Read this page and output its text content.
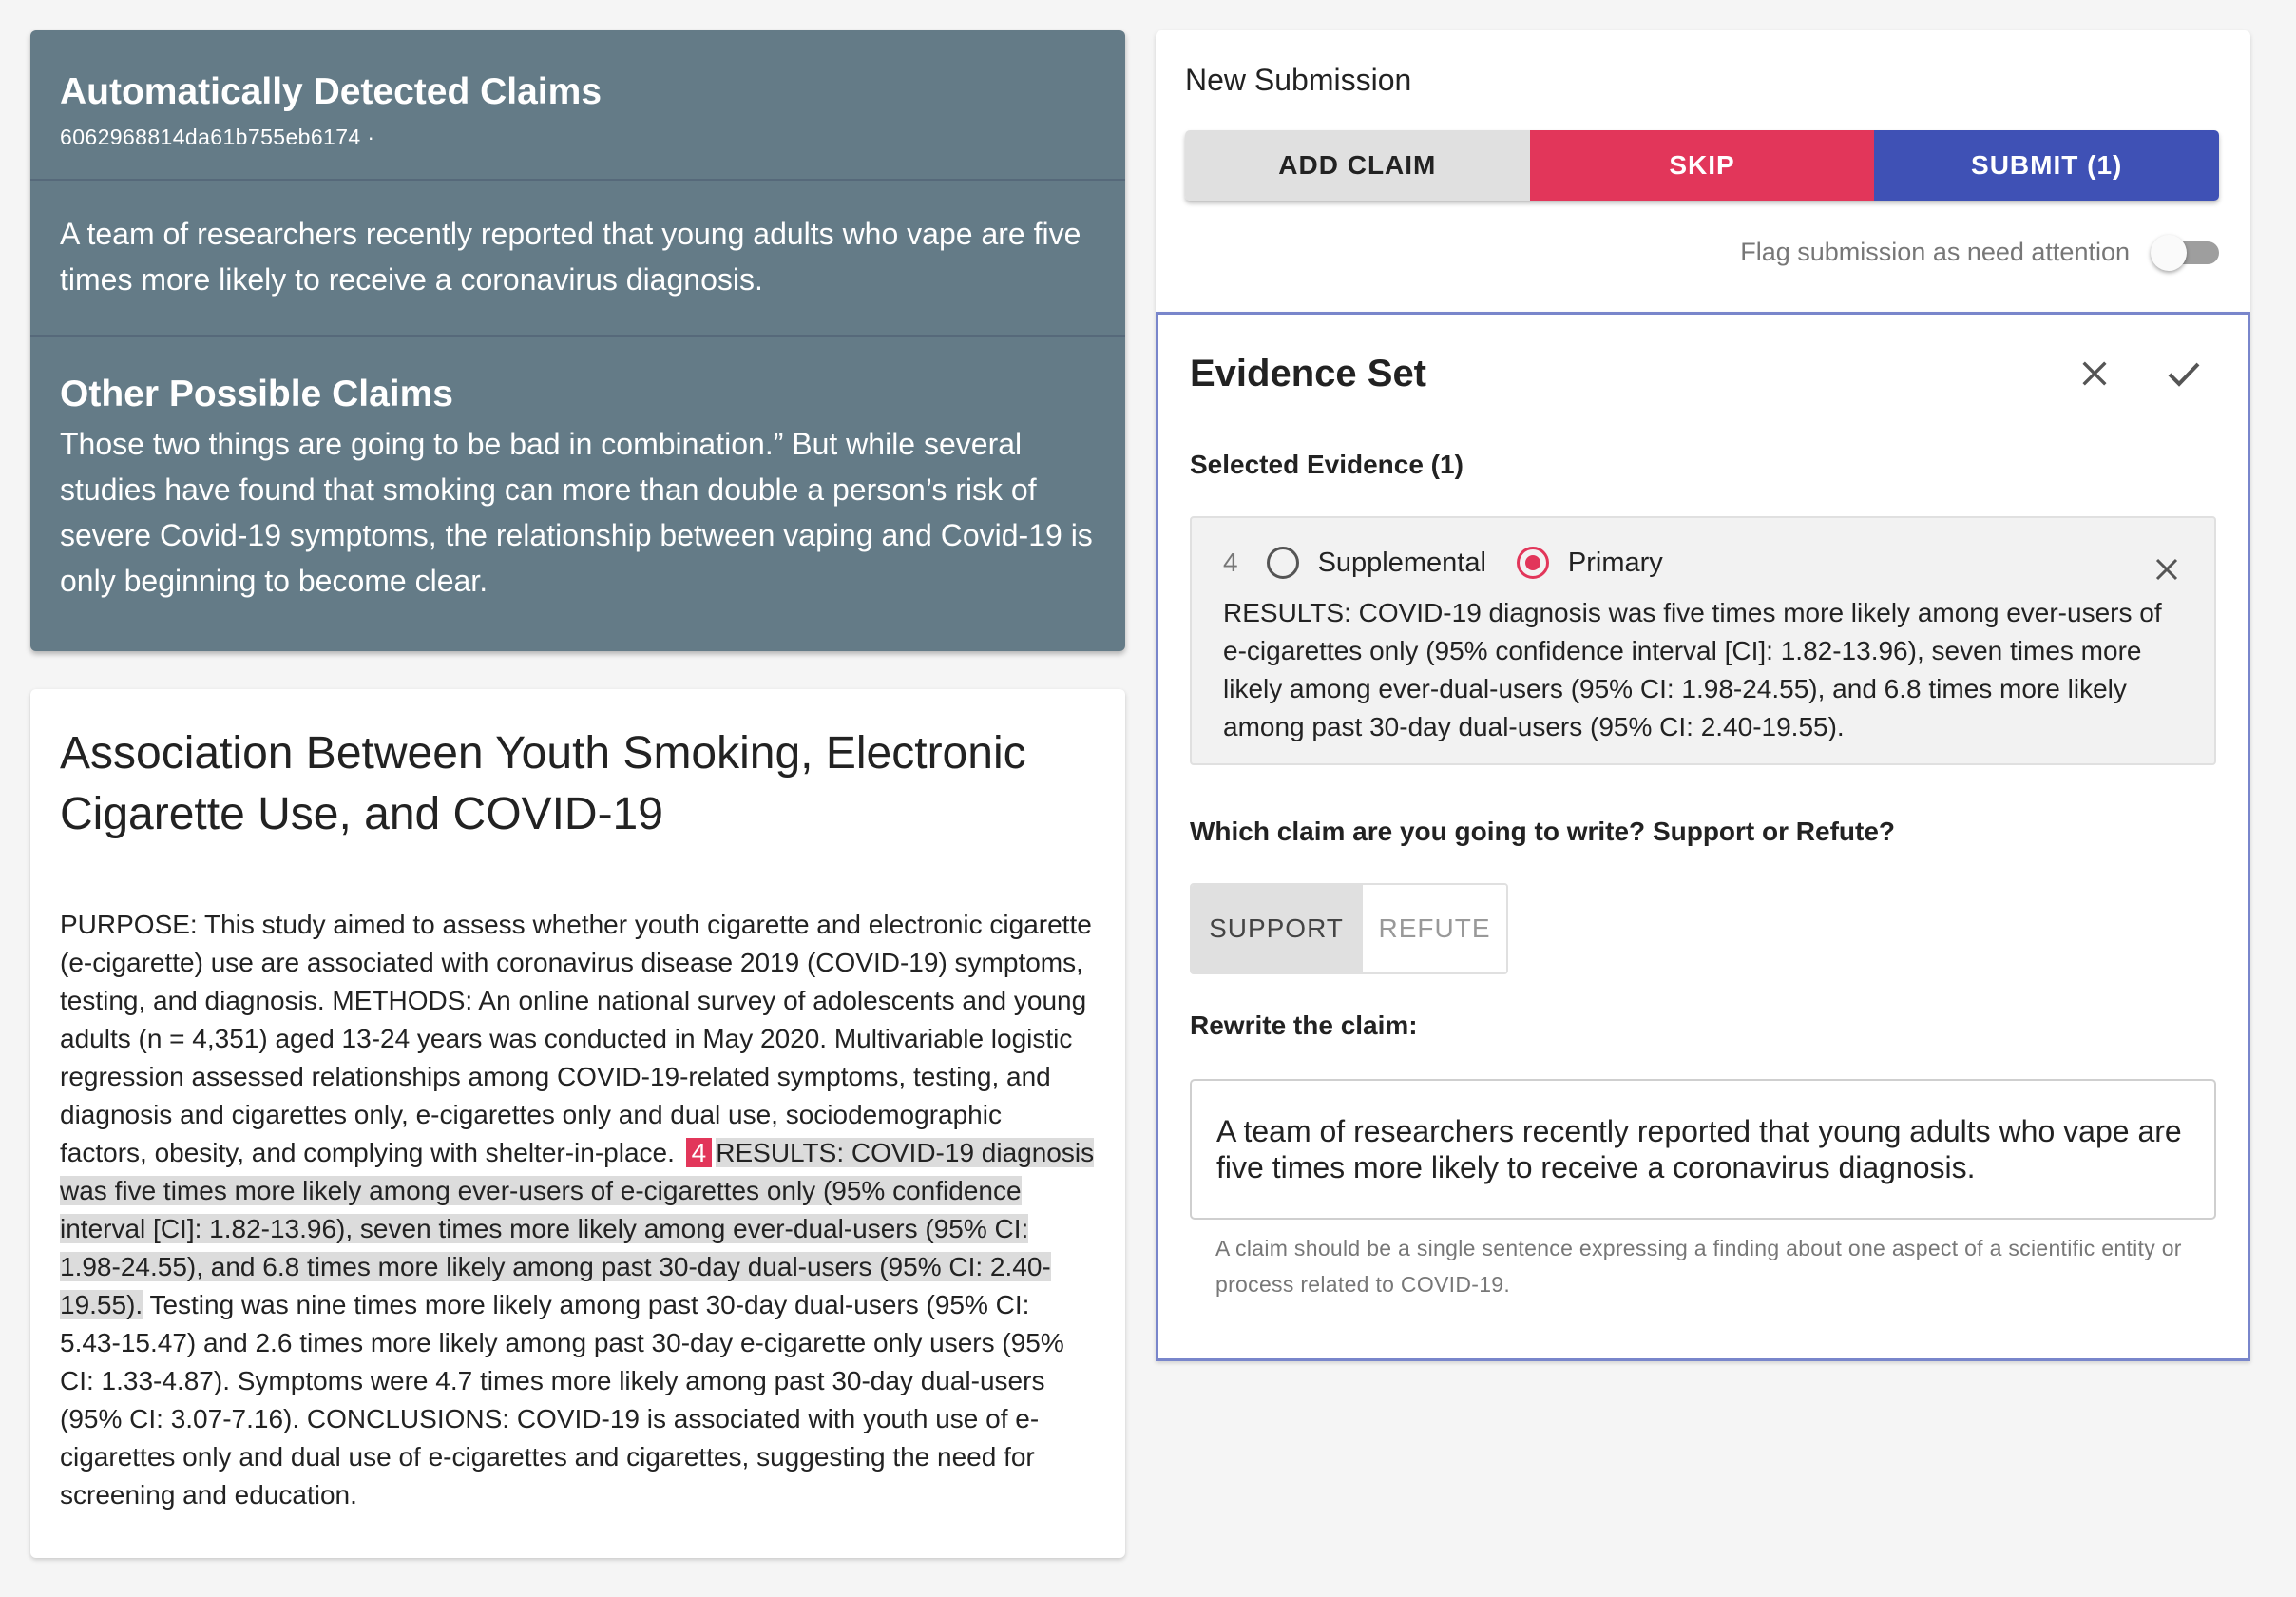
Automatically Detected Claims
6062968814da61b755eb6174 ·
A team of researchers recently reported that young adults who vape are five times more likely to receive a coronavirus diagnosis.
Other Possible Claims
Those two things are going to be bad in combination.” But while several studies have found that smoking can more than double a person’s risk of severe Covid-19 symptoms, the relationship between vaping and Covid-19 is only beginning to become clear.
Association Between Youth Smoking, Electronic Cigarette Use, and COVID-19
PURPOSE: This study aimed to assess whether youth cigarette and electronic cigarette (e-cigarette) use are associated with coronavirus disease 2019 (COVID-19) symptoms, testing, and diagnosis. METHODS: An online national survey of adolescents and young adults (n = 4,351) aged 13-24 years was conducted in May 2020. Multivariable logistic regression assessed relationships among COVID-19-related symptoms, testing, and diagnosis and cigarettes only, e-cigarettes only and dual use, sociodemographic factors, obesity, and complying with shelter-in-place. 4 RESULTS: COVID-19 diagnosis was five times more likely among ever-users of e-cigarettes only (95% confidence interval [CI]: 1.82-13.96), seven times more likely among ever-dual-users (95% CI: 1.98-24.55), and 6.8 times more likely among past 30-day dual-users (95% CI: 2.40-19.55). Testing was nine times more likely among past 30-day dual-users (95% CI: 5.43-15.47) and 2.6 times more likely among past 30-day e-cigarette only users (95% CI: 1.33-4.87). Symptoms were 4.7 times more likely among past 30-day dual-users (95% CI: 3.07-7.16). CONCLUSIONS: COVID-19 is associated with youth use of e-cigarettes only and dual use of e-cigarettes and cigarettes, suggesting the need for screening and education.
New Submission
ADD CLAIM	SKIP	SUBMIT (1)
Flag submission as need attention
Evidence Set
Selected Evidence (1)
4	Supplemental	Primary
RESULTS: COVID-19 diagnosis was five times more likely among ever-users of e-cigarettes only (95% confidence interval [CI]: 1.82-13.96), seven times more likely among ever-dual-users (95% CI: 1.98-24.55), and 6.8 times more likely among past 30-day dual-users (95% CI: 2.40-19.55).
Which claim are you going to write? Support or Refute?
SUPPORT	REFUTE
Rewrite the claim:
A team of researchers recently reported that young adults who vape are five times more likely to receive a coronavirus diagnosis.
A claim should be a single sentence expressing a finding about one aspect of a scientific entity or process related to COVID-19.
